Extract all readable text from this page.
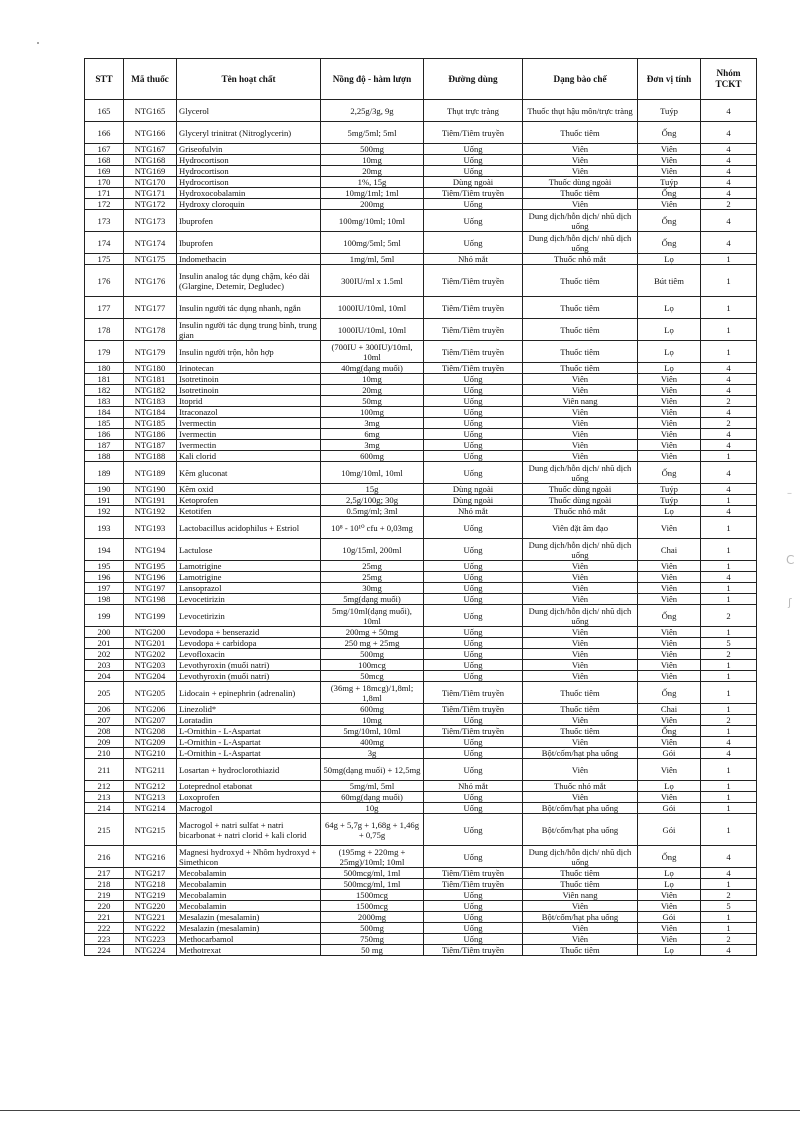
STT	Mã thuốc	Tên hoạt chất	Nồng độ - hàm lượn	Đường dùng	Dạng bào chế	Đơn vị tính	Nhóm TCKT
165	NTG165	Glycerol	2,25g/3g, 9g	Thụt trực tràng	Thuốc thụt hậu môn/trực tràng	Tuýp	4
166	NTG166	Glyceryl trinitrat (Nitroglycerin)	5mg/5ml; 5ml	Tiêm/Tiêm truyền	Thuốc tiêm	Ống	4
167	NTG167	Griseofulvin	500mg	Uống	Viên	Viên	4
168	NTG168	Hydrocortison	10mg	Uống	Viên	Viên	4
169	NTG169	Hydrocortison	20mg	Uống	Viên	Viên	4
170	NTG170	Hydrocortison	1%, 15g	Dùng ngoài	Thuốc dùng ngoài	Tuýp	4
171	NTG171	Hydroxocobalamin	10mg/1ml; 1ml	Tiêm/Tiêm truyền	Thuốc tiêm	Ống	4
172	NTG172	Hydroxy cloroquin	200mg	Uống	Viên	Viên	2
173	NTG173	Ibuprofen	100mg/10ml; 10ml	Uống	Dung dịch/hỗn dịch/ nhũ dịch uống	Ống	4
174	NTG174	Ibuprofen	100mg/5ml; 5ml	Uống	Dung dịch/hỗn dịch/ nhũ dịch uống	Ống	4
175	NTG175	Indomethacin	1mg/ml, 5ml	Nhỏ mắt	Thuốc nhỏ mắt	Lọ	1
176	NTG176	Insulin analog tác dụng chậm, kéo dài (Glargine, Detemir, Degludec)	300IU/ml x 1.5ml	Tiêm/Tiêm truyền	Thuốc tiêm	Bút tiêm	1
177	NTG177	Insulin người tác dụng nhanh, ngắn	1000IU/10ml, 10ml	Tiêm/Tiêm truyền	Thuốc tiêm	Lọ	1
178	NTG178	Insulin người tác dụng trung bình, trung gian	1000IU/10ml, 10ml	Tiêm/Tiêm truyền	Thuốc tiêm	Lọ	1
179	NTG179	Insulin người trộn, hỗn hợp	(700IU + 300IU)/10ml, 10ml	Tiêm/Tiêm truyền	Thuốc tiêm	Lọ	1
180	NTG180	Irinotecan	40mg(dạng muối)	Tiêm/Tiêm truyền	Thuốc tiêm	Lọ	4
181	NTG181	Isotretinoin	10mg	Uống	Viên	Viên	4
182	NTG182	Isotretinoin	20mg	Uống	Viên	Viên	4
183	NTG183	Itoprid	50mg	Uống	Viên nang	Viên	2
184	NTG184	Itraconazol	100mg	Uống	Viên	Viên	4
185	NTG185	Ivermectin	3mg	Uống	Viên	Viên	2
186	NTG186	Ivermectin	6mg	Uống	Viên	Viên	4
187	NTG187	Ivermectin	3mg	Uống	Viên	Viên	4
188	NTG188	Kali clorid	600mg	Uống	Viên	Viên	1
189	NTG189	Kẽm gluconat	10mg/10ml, 10ml	Uống	Dung dịch/hỗn dịch/ nhũ dịch uống	Ống	4
190	NTG190	Kẽm oxid	15g	Dùng ngoài	Thuốc dùng ngoài	Tuýp	4
191	NTG191	Ketoprofen	2,5g/100g; 30g	Dùng ngoài	Thuốc dùng ngoài	Tuýp	1
192	NTG192	Ketotifen	0.5mg/ml; 3ml	Nhỏ mắt	Thuốc nhỏ mắt	Lọ	4
193	NTG193	Lactobacillus acidophilus + Estriol	10⁸ - 10¹⁰ cfu + 0,03mg	Uống	Viên đặt âm đạo	Viên	1
194	NTG194	Lactulose	10g/15ml, 200ml	Uống	Dung dịch/hỗn dịch/ nhũ dịch uống	Chai	1
195	NTG195	Lamotrigine	25mg	Uống	Viên	Viên	1
196	NTG196	Lamotrigine	25mg	Uống	Viên	Viên	4
197	NTG197	Lansoprazol	30mg	Uống	Viên	Viên	1
198	NTG198	Levocetirizin	5mg(dạng muối)	Uống	Viên	Viên	1
199	NTG199	Levocetirizin	5mg/10ml(dạng muối), 10ml	Uống	Dung dịch/hỗn dịch/ nhũ dịch uống	Ống	2
200	NTG200	Levodopa + benserazid	200mg + 50mg	Uống	Viên	Viên	1
201	NTG201	Levodopa + carbidopa	250 mg + 25mg	Uống	Viên	Viên	5
202	NTG202	Levofloxacin	500mg	Uống	Viên	Viên	2
203	NTG203	Levothyroxin (muối natri)	100mcg	Uống	Viên	Viên	1
204	NTG204	Levothyroxin (muối natri)	50mcg	Uống	Viên	Viên	1
205	NTG205	Lidocain + epinephrin (adrenalin)	(36mg + 18mcg)/1,8ml; 1,8ml	Tiêm/Tiêm truyền	Thuốc tiêm	Ống	1
206	NTG206	Linezolid*	600mg	Tiêm/Tiêm truyền	Thuốc tiêm	Chai	1
207	NTG207	Loratadin	10mg	Uống	Viên	Viên	2
208	NTG208	L-Ornithin - L-Aspartat	5mg/10ml, 10ml	Tiêm/Tiêm truyền	Thuốc tiêm	Ống	1
209	NTG209	L-Ornithin - L-Aspartat	400mg	Uống	Viên	Viên	4
210	NTG210	L-Ornithin - L-Aspartat	3g	Uống	Bột/cốm/hạt pha uống	Gói	4
211	NTG211	Losartan + hydroclorothiazid	50mg(dạng muối) + 12,5mg	Uống	Viên	Viên	1
212	NTG212	Loteprednol etabonat	5mg/ml, 5ml	Nhỏ mắt	Thuốc nhỏ mắt	Lọ	1
213	NTG213	Loxoprofen	60mg(dạng muối)	Uống	Viên	Viên	1
214	NTG214	Macrogol	10g	Uống	Bột/cốm/hạt pha uống	Gói	1
215	NTG215	Macrogol + natri sulfat + natri bicarbonat + natri clorid + kali clorid	64g + 5,7g + 1,68g + 1,46g + 0,75g	Uống	Bột/cốm/hạt pha uống	Gói	1
216	NTG216	Magnesi hydroxyd + Nhôm hydroxyd + Simethicon	(195mg + 220mg + 25mg)/10ml; 10ml	Uống	Dung dịch/hỗn dịch/ nhũ dịch uống	Ống	4
217	NTG217	Mecobalamin	500mcg/ml, 1ml	Tiêm/Tiêm truyền	Thuốc tiêm	Lọ	4
218	NTG218	Mecobalamin	500mcg/ml, 1ml	Tiêm/Tiêm truyền	Thuốc tiêm	Lọ	1
219	NTG219	Mecobalamin	1500mcg	Uống	Viên nang	Viên	2
220	NTG220	Mecobalamin	1500mcg	Uống	Viên	Viên	5
221	NTG221	Mesalazin (mesalamin)	2000mg	Uống	Bột/cốm/hạt pha uống	Gói	1
222	NTG222	Mesalazin (mesalamin)	500mg	Uống	Viên	Viên	1
223	NTG223	Methocarbamol	750mg	Uống	Viên	Viên	2
224	NTG224	Methotrexat	50 mg	Tiêm/Tiêm truyền	Thuốc tiêm	Lọ	4
–
C
ʃ
